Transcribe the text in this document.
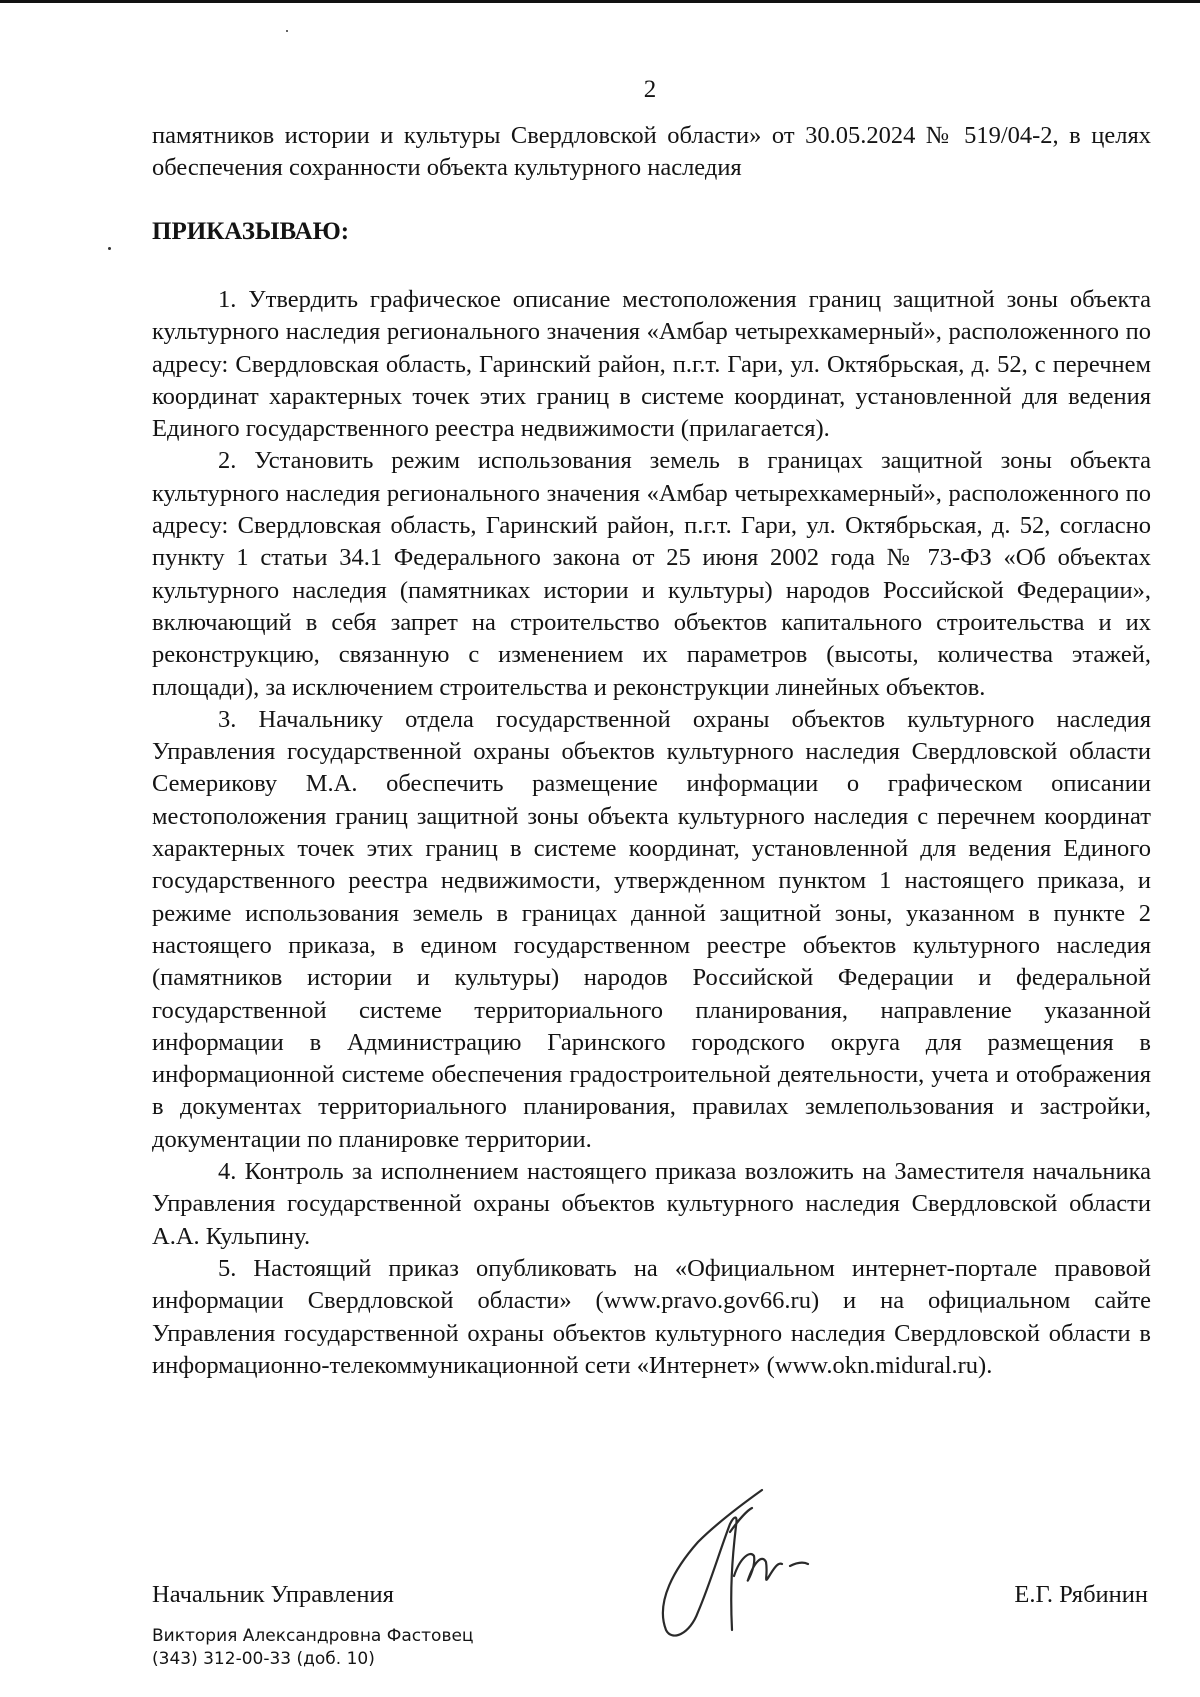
2

памятников истории и культуры Свердловской области» от 30.05.2024 № 519/04-2, в целях обеспечения сохранности объекта культурного наследия

ПРИКАЗЫВАЮ:

1. Утвердить графическое описание местоположения границ защитной зоны объекта культурного наследия регионального значения «Амбар четырехкамерный», расположенного по адресу: Свердловская область, Гаринский район, п.г.т. Гари, ул. Октябрьская, д. 52, с перечнем координат характерных точек этих границ в системе координат, установленной для ведения Единого государственного реестра недвижимости (прилагается).

2. Установить режим использования земель в границах защитной зоны объекта культурного наследия регионального значения «Амбар четырехкамерный», расположенного по адресу: Свердловская область, Гаринский район, п.г.т. Гари, ул. Октябрьская, д. 52, согласно пункту 1 статьи 34.1 Федерального закона от 25 июня 2002 года № 73-ФЗ «Об объектах культурного наследия (памятниках истории и культуры) народов Российской Федерации», включающий в себя запрет на строительство объектов капитального строительства и их реконструкцию, связанную с изменением их параметров (высоты, количества этажей, площади), за исключением строительства и реконструкции линейных объектов.

3. Начальнику отдела государственной охраны объектов культурного наследия Управления государственной охраны объектов культурного наследия Свердловской области Семерикову М.А. обеспечить размещение информации о графическом описании местоположения границ защитной зоны объекта культурного наследия с перечнем координат характерных точек этих границ в системе координат, установленной для ведения Единого государственного реестра недвижимости, утвержденном пунктом 1 настоящего приказа, и режиме использования земель в границах данной защитной зоны, указанном в пункте 2 настоящего приказа, в едином государственном реестре объектов культурного наследия (памятников истории и культуры) народов Российской Федерации и федеральной государственной системе территориального планирования, направление указанной информации в Администрацию Гаринского городского округа для размещения в информационной системе обеспечения градостроительной деятельности, учета и отображения в документах территориального планирования, правилах землепользования и застройки, документации по планировке территории.

4. Контроль за исполнением настоящего приказа возложить на Заместителя начальника Управления государственной охраны объектов культурного наследия Свердловской области А.А. Кульпину.

5. Настоящий приказ опубликовать на «Официальном интернет-портале правовой информации Свердловской области» (www.pravo.gov66.ru) и на официальном сайте Управления государственной охраны объектов культурного наследия Свердловской области в информационно-телекоммуникационной сети «Интернет» (www.okn.midural.ru).

Начальник Управления	Е.Г. Рябинин
Виктория Александровна Фастовец
(343) 312-00-33 (доб. 10)
